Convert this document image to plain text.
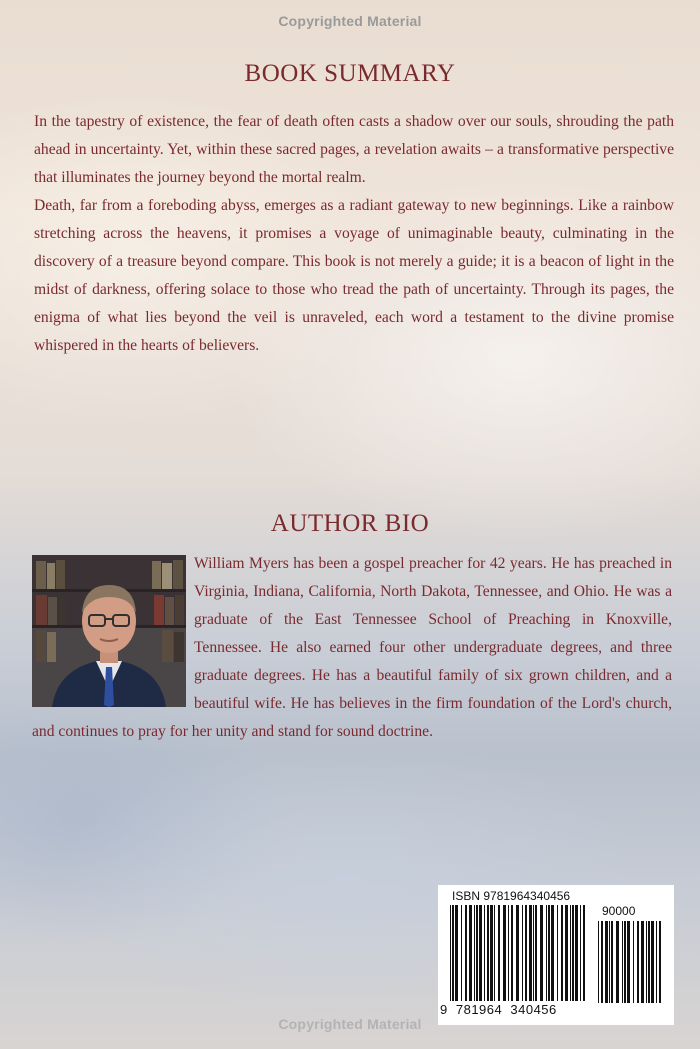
Copyrighted Material
BOOK SUMMARY

In the tapestry of existence, the fear of death often casts a shadow over our souls, shrouding the path ahead in uncertainty. Yet, within these sacred pages, a revelation awaits – a transformative perspective that illuminates the journey beyond the mortal realm.

Death, far from a foreboding abyss, emerges as a radiant gateway to new beginnings. Like a rainbow stretching across the heavens, it promises a voyage of unimaginable beauty, culminating in the discovery of a treasure beyond compare. This book is not merely a guide; it is a beacon of light in the midst of darkness, offering solace to those who tread the path of uncertainty. Through its pages, the enigma of what lies beyond the veil is unraveled, each word a testament to the divine promise whispered in the hearts of believers.

AUTHOR BIO
William Myers has been a gospel preacher for 42 years. He has preached in Virginia, Indiana, California, North Dakota, Tennessee, and Ohio. He was a graduate of the East Tennessee School of Preaching in Knoxville, Tennessee. He also earned four other undergraduate degrees, and three graduate degrees. He has a beautiful family of six grown children, and a beautiful wife. He has believes in the firm foundation of the Lord's church, and continues to pray for her unity and stand for sound doctrine.
ISBN 9781964340456
90000
9 781964 340456
Copyrighted Material
